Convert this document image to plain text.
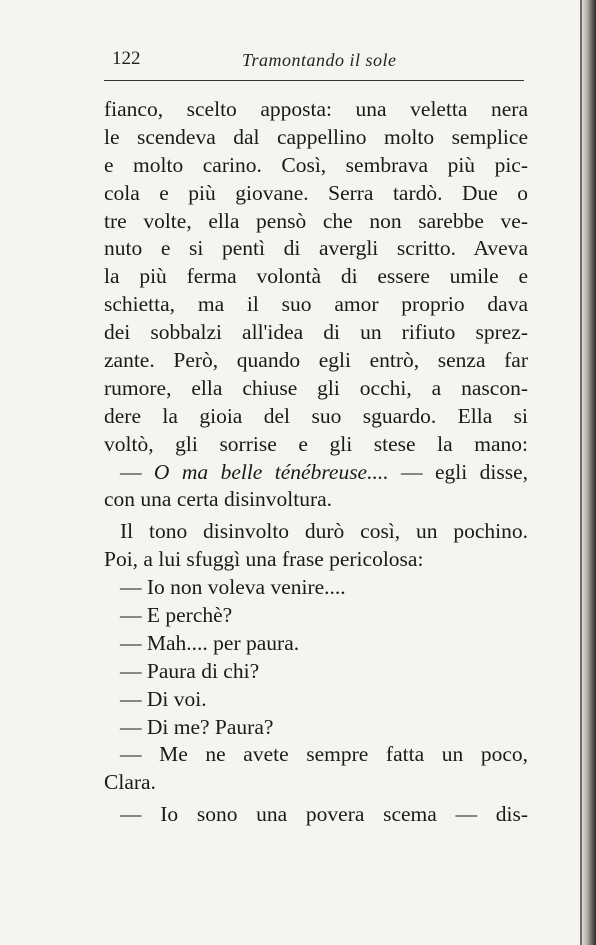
122	Tramontando il sole
fianco, scelto apposta: una veletta nera
le scendeva dal cappellino molto semplice
e molto carino. Così, sembrava più pic-
cola e più giovane. Serra tardò. Due o
tre volte, ella pensò che non sarebbe ve-
nuto e si pentì di avergli scritto. Aveva
la più ferma volontà di essere umile e
schietta, ma il suo amor proprio dava
dei sobbalzi all'idea di un rifiuto sprez-
zante. Però, quando egli entrò, senza far
rumore, ella chiuse gli occhi, a nascon-
dere la gioia del suo sguardo. Ella si
voltò, gli sorrise e gli stese la mano:
— O ma belle ténébreuse.... — egli disse,
con una certa disinvoltura.
Il tono disinvolto durò così, un pochino.
Poi, a lui sfuggì una frase pericolosa:
— Io non voleva venire....
— E perchè?
— Mah.... per paura.
— Paura di chi?
— Di voi.
— Di me? Paura?
— Me ne avete sempre fatta un poco,
Clara.
— Io sono una povera scema — dis-
